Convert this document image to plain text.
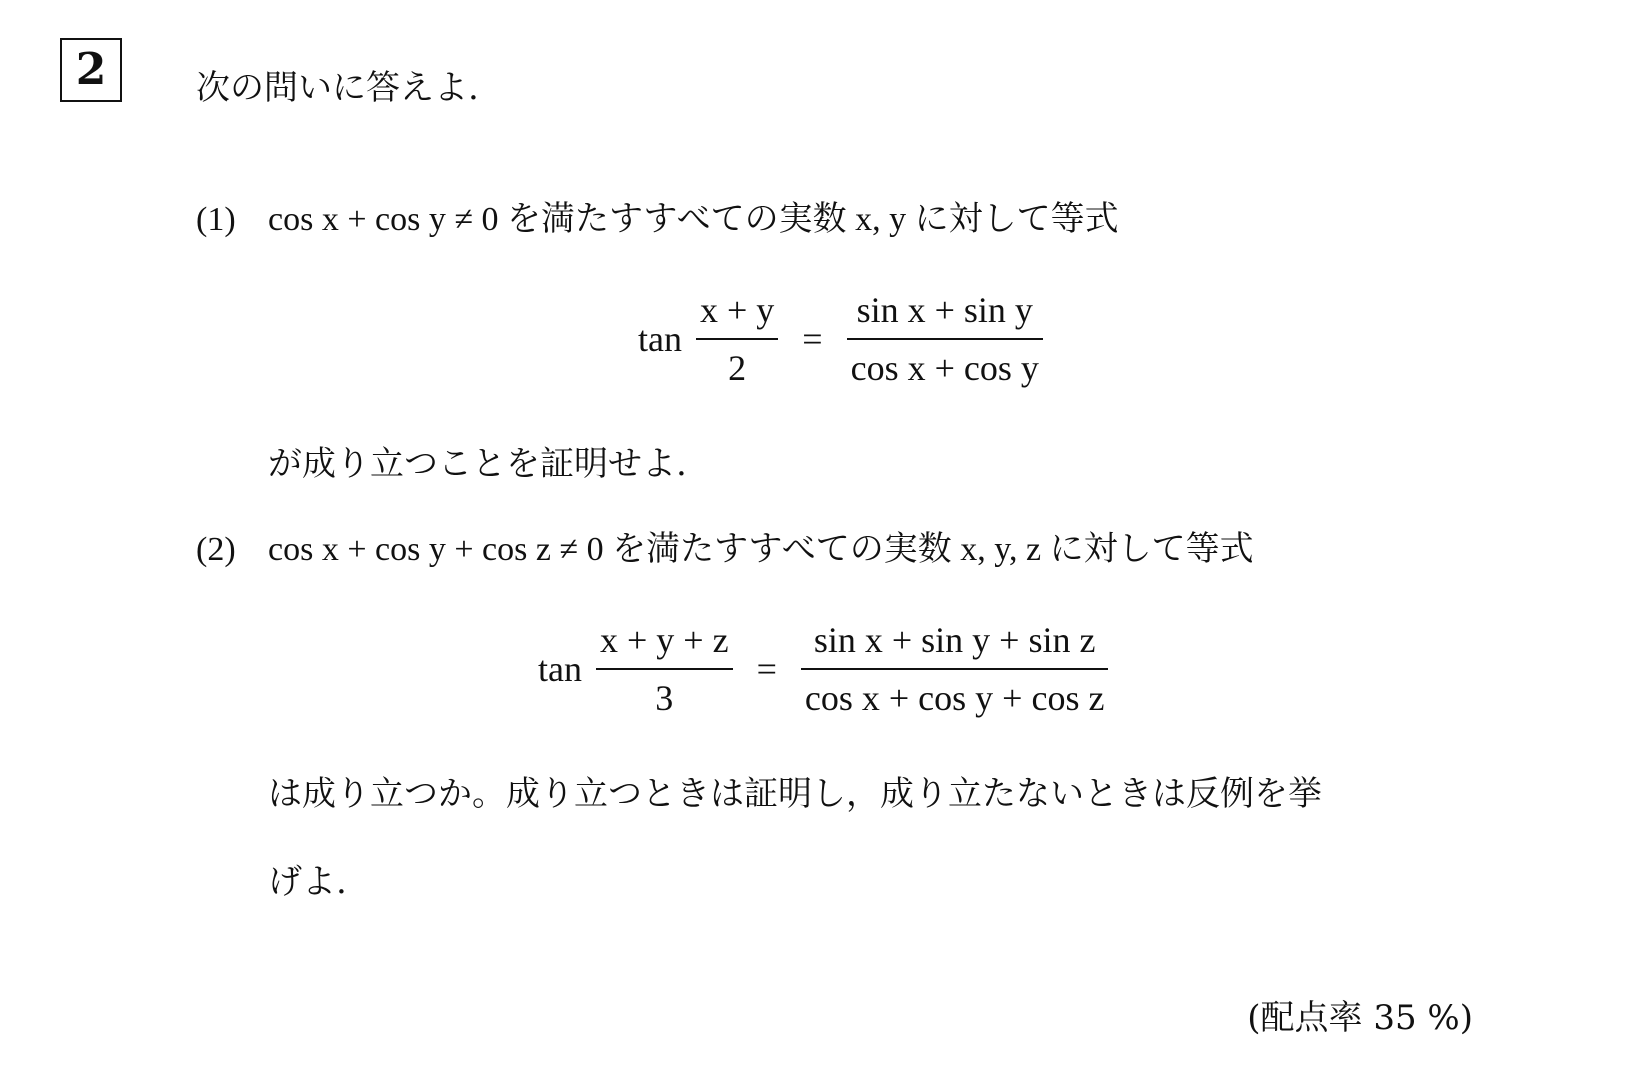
2	次の問いに答えよ.
(1) cos x + cos y ≠ 0 を満たすすべての実数 x, y に対して等式
$\tan \frac{x + y}{2} = \frac{\text{sin x + sin y}}{\text{cos x + cos y}}$
が成り立つことを証明せよ.
(2) cos x + cos y + cos z ≠ 0 を満たすすべての実数 x, y, z に対して等式
$\tan \frac{x + y + z}{3} = \frac{\text{sin x + sin y + sin z}}{\text{cos x + cos y + cos z}}$
は成り立つか。成り立つときは証明し，成り立たないときは反例を挙
げよ.
(配点率 35 %)
